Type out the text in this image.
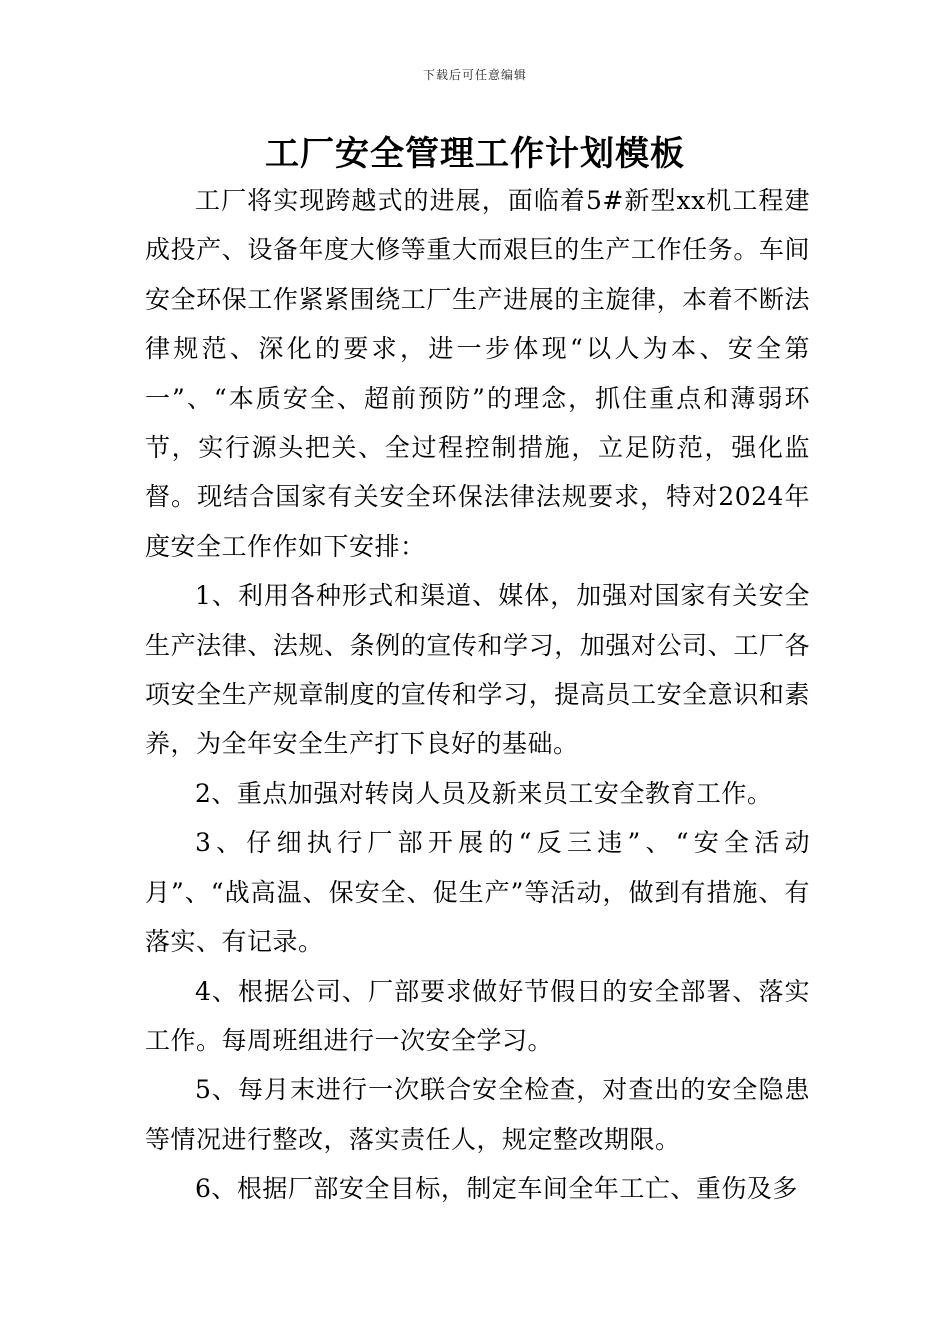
下载后可任意编辑
工厂安全管理工作计划模板

工厂将实现跨越式的进展，面临着5#新型xx机工程建成投产、设备年度大修等重大而艰巨的生产工作任务。车间安全环保工作紧紧围绕工厂生产进展的主旋律，本着不断法律规范、深化的要求，进一步体现“以人为本、安全第一”、“本质安全、超前预防”的理念，抓住重点和薄弱环节，实行源头把关、全过程控制措施，立足防范，强化监督。现结合国家有关安全环保法律法规要求，特对2024年度安全工作作如下安排：

1、利用各种形式和渠道、媒体，加强对国家有关安全生产法律、法规、条例的宣传和学习，加强对公司、工厂各项安全生产规章制度的宣传和学习，提高员工安全意识和素养，为全年安全生产打下良好的基础。

2、重点加强对转岗人员及新来员工安全教育工作。

3、仔细执行厂部开展的“反三违”、“安全活动月”、“战高温、保安全、促生产”等活动，做到有措施、有落实、有记录。

4、根据公司、厂部要求做好节假日的安全部署、落实工作。每周班组进行一次安全学习。

5、每月末进行一次联合安全检查，对查出的安全隐患等情况进行整改，落实责任人，规定整改期限。

6、根据厂部安全目标，制定车间全年工亡、重伤及多
